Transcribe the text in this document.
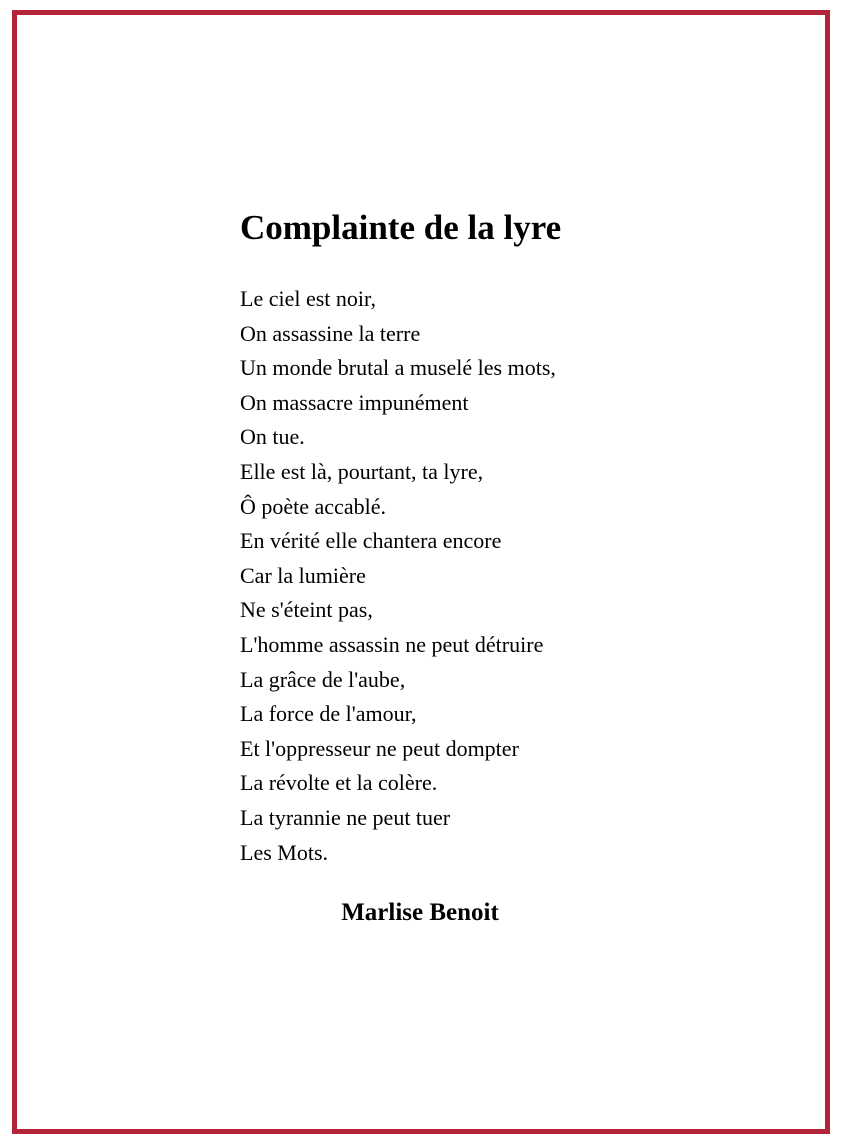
Complainte de la lyre
Le ciel est noir,
On assassine la terre
Un monde brutal a muselé les mots,
On massacre impunément
On tue.
Elle est là, pourtant, ta lyre,
Ô poète accablé.
En vérité elle chantera encore
Car la lumière
Ne s'éteint pas,
L'homme assassin ne peut détruire
La grâce de l'aube,
La force de l'amour,
Et l'oppresseur ne peut dompter
La révolte et la colère.
La tyrannie ne peut tuer
Les Mots.

Marlise Benoit
